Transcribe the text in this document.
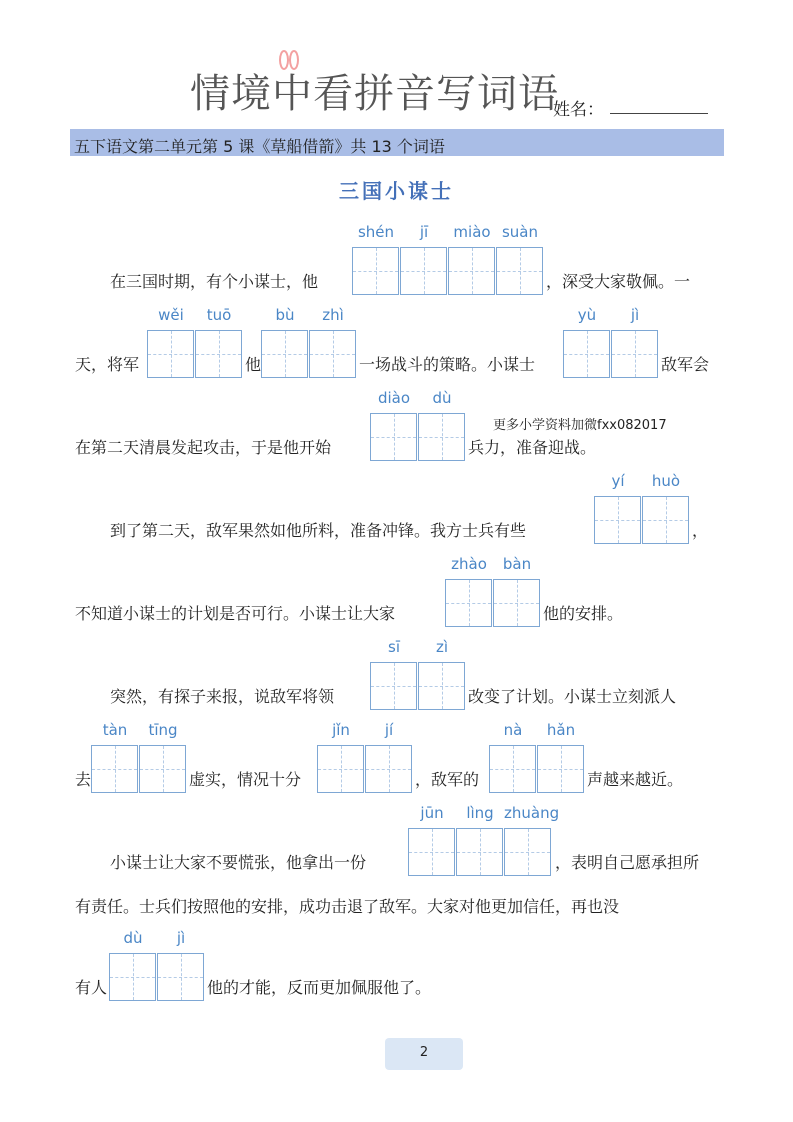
情境中看拼音写词语
姓名：
五下语文第二单元第 5 课《草船借箭》共 13 个词语
三国小谋士
在三国时期，有个小谋士，他
shén	jī	miào suàn
，深受大家敬佩。一
天，将军
wěi	tuō
他
bù	zhì
一场战斗的策略。小谋士
yù	jì
敌军会
在第二天清晨发起攻击，于是他开始
diào	dù
兵力，准备迎战。
到了第二天，敌军果然如他所料，准备冲锋。我方士兵有些
yí	huò
，
不知道小谋士的计划是否可行。小谋士让大家
zhào	bàn
他的安排。
突然，有探子来报，说敌军将领
sī	zì
改变了计划。小谋士立刻派人
去
tàn	tīng
虚实，情况十分
jǐn	jí
，敌军的
nà	hǎn
声越来越近。
小谋士让大家不要慌张，他拿出一份
jūn	lìng zhuàng
，表明自己愿承担所
有责任。士兵们按照他的安排，成功击退了敌军。大家对他更加信任，再也没
有人
dù	jì
他的才能，反而更加佩服他了。
更多小学资料加微fxx082017
2
